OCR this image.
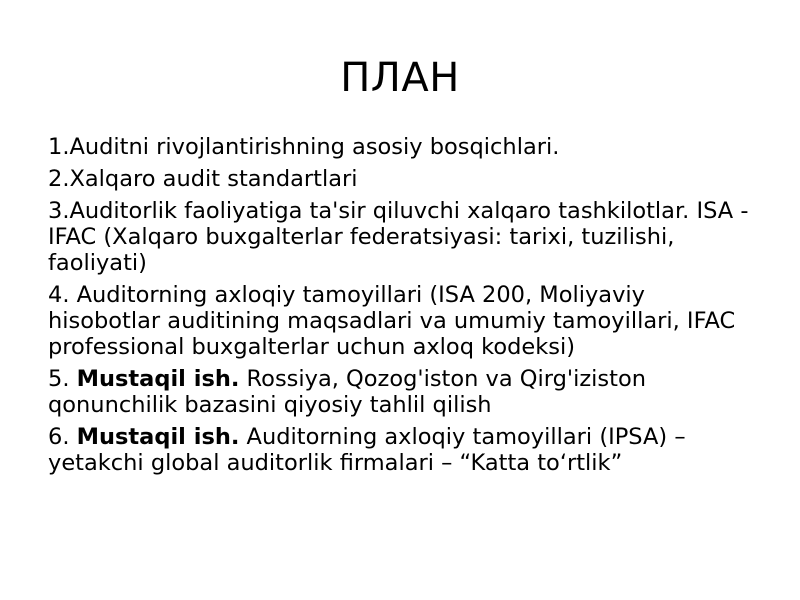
ПЛАН
1.Auditni rivojlantirishning asosiy bosqichlari.
2.Xalqaro audit standartlari
3.Auditorlik faoliyatiga ta'sir qiluvchi xalqaro tashkilotlar. ISA - IFAC (Xalqaro buxgalterlar federatsiyasi: tarixi, tuzilishi, faoliyati)
4. Auditorning axloqiy tamoyillari (ISA 200, Moliyaviy hisobotlar auditining maqsadlari va umumiy tamoyillari, IFAC professional buxgalterlar uchun axloq kodeksi)
5. Mustaqil ish. Rossiya, Qozog'iston va Qirg'iziston qonunchilik bazasini qiyosiy tahlil qilish
6. Mustaqil ish. Auditorning axloqiy tamoyillari (IPSA) – yetakchi global auditorlik firmalari – “Katta to‘rtlik”
